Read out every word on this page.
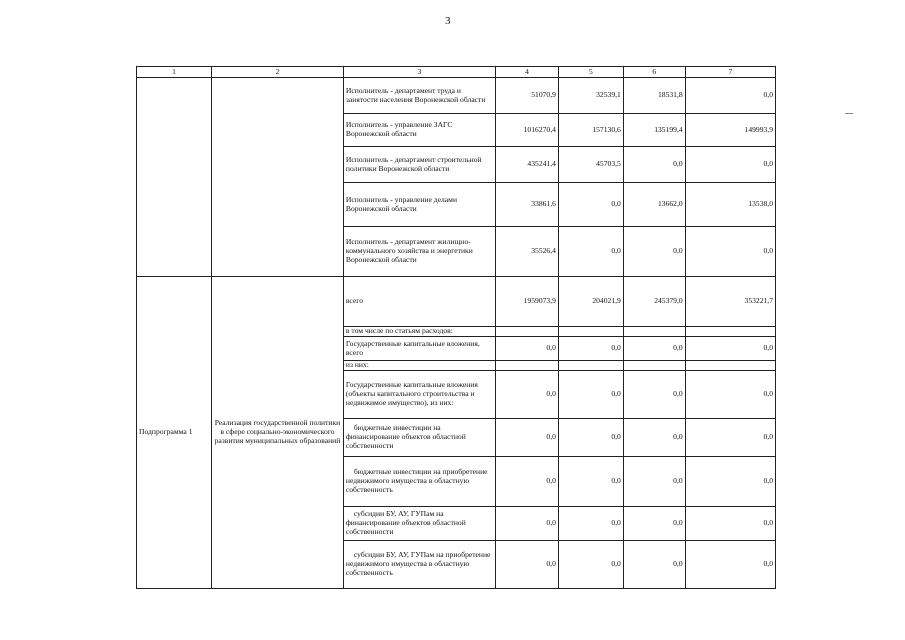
3
1	2	3	4	5	6	7
		Исполнитель - департамент труда и занятости населения Воронежской области	51070,9	32539,1	18531,8	0,0
		Исполнитель - управление ЗАГС Воронежской области	1016270,4	157130,6	135199,4	149993,9
		Исполнитель - департамент строительной политики Воронежской области	435241,4	45703,5	0,0	0,0
		Исполнитель - управление делами Воронежской области	33861,6	0,0	13662,0	13538,0
		Исполнитель - департамент жилищно-коммунального хозяйства и энергетики Воронежской области	35526,4	0,0	0,0	0,0
Подпрограмма 1	Реализация государственной политики в сфере социально-экономического развития муниципальных образований	всего	1959073,9	204021,9	245379,0	353221,7
		в том числе по статьям расходов:				
		Государственные капитальные вложения, всего	0,0	0,0	0,0	0,0
		из них:				
		Государственные капитальные вложения (объекты капитального строительства и недвижимое имущество), из них:	0,0	0,0	0,0	0,0
		бюджетные инвестиции на финансирование объектов областной собственности	0,0	0,0	0,0	0,0
		бюджетные инвестиции на приобретение недвижимого имущества в областную собственность	0,0	0,0	0,0	0,0
		субсидии БУ, АУ, ГУПам на финансирование объектов областной собственности	0,0	0,0	0,0	0,0
		субсидии БУ, АУ, ГУПам на приобретение недвижимого имущества в областную собственность	0,0	0,0	0,0	0,0
